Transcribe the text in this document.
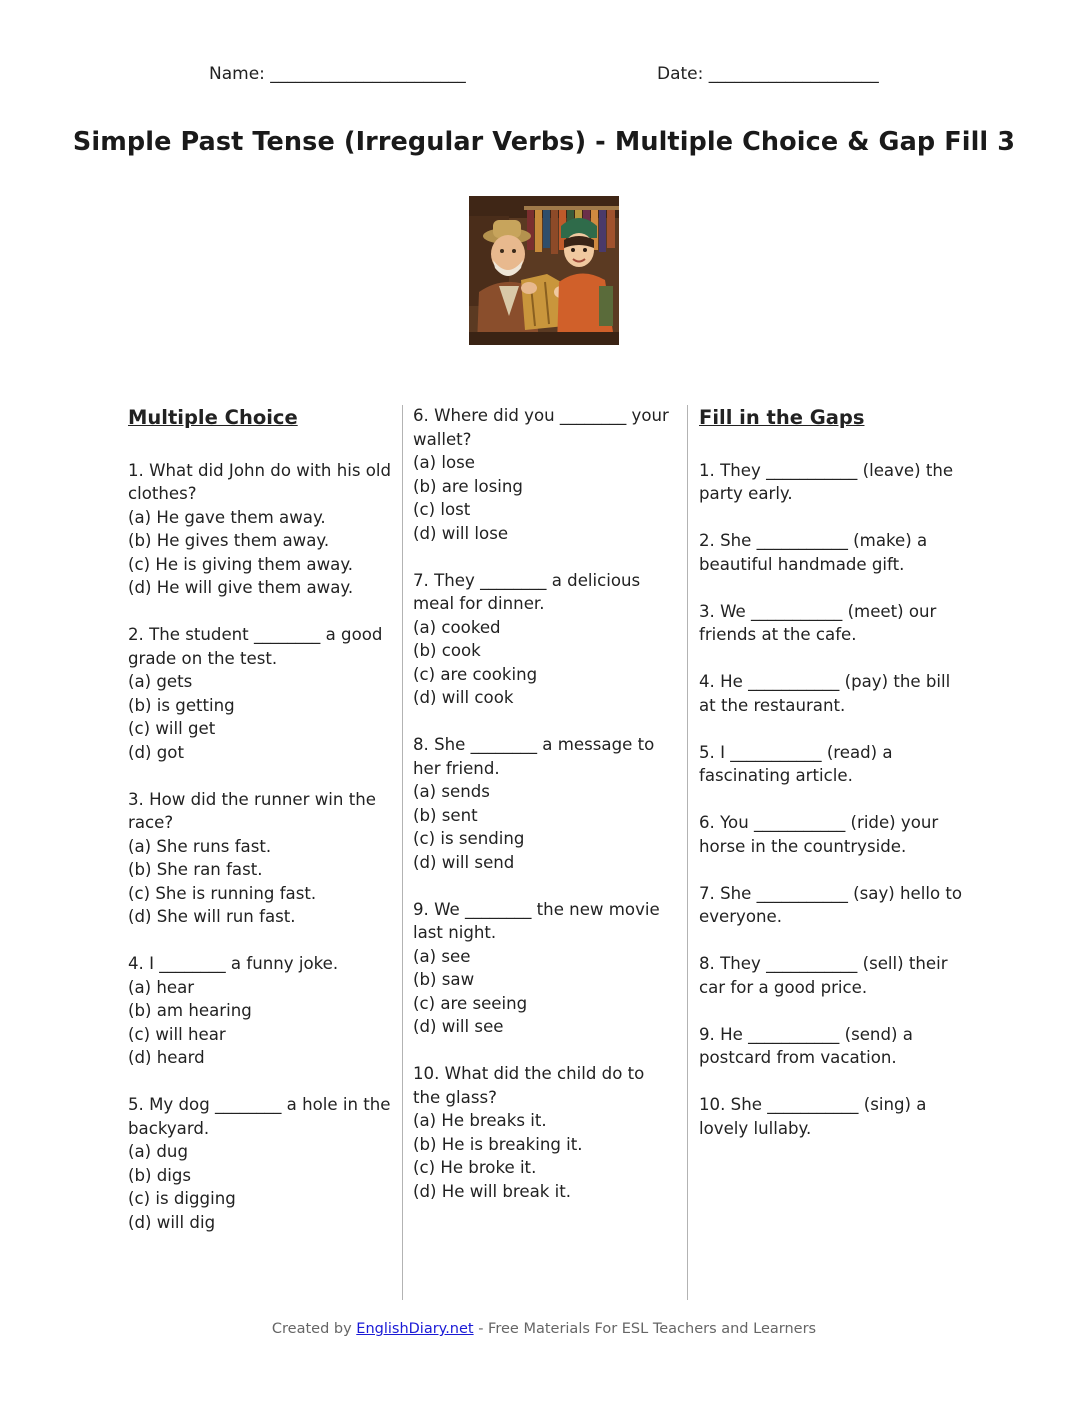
Name: _______________________	Date: ____________________
Simple Past Tense (Irregular Verbs) - Multiple Choice & Gap Fill 3
Multiple Choice
1. What did John do with his old clothes?
(a) He gave them away.
(b) He gives them away.
(c) He is giving them away.
(d) He will give them away.
2. The student ________ a good grade on the test.
(a) gets
(b) is getting
(c) will get
(d) got
3. How did the runner win the race?
(a) She runs fast.
(b) She ran fast.
(c) She is running fast.
(d) She will run fast.
4. I ________ a funny joke.
(a) hear
(b) am hearing
(c) will hear
(d) heard
5. My dog ________ a hole in the backyard.
(a) dug
(b) digs
(c) is digging
(d) will dig
6. Where did you ________ your wallet?
(a) lose
(b) are losing
(c) lost
(d) will lose
7. They ________ a delicious meal for dinner.
(a) cooked
(b) cook
(c) are cooking
(d) will cook
8. She ________ a message to her friend.
(a) sends
(b) sent
(c) is sending
(d) will send
9. We ________ the new movie last night.
(a) see
(b) saw
(c) are seeing
(d) will see
10. What did the child do to the glass?
(a) He breaks it.
(b) He is breaking it.
(c) He broke it.
(d) He will break it.
Fill in the Gaps
1. They ___________ (leave) the party early.
2. She ___________ (make) a beautiful handmade gift.
3. We ___________ (meet) our friends at the cafe.
4. He ___________ (pay) the bill at the restaurant.
5. I ___________ (read) a fascinating article.
6. You ___________ (ride) your horse in the countryside.
7. She ___________ (say) hello to everyone.
8. They ___________ (sell) their car for a good price.
9. He ___________ (send) a postcard from vacation.
10. She ___________ (sing) a lovely lullaby.
Created by EnglishDiary.net - Free Materials For ESL Teachers and Learners
